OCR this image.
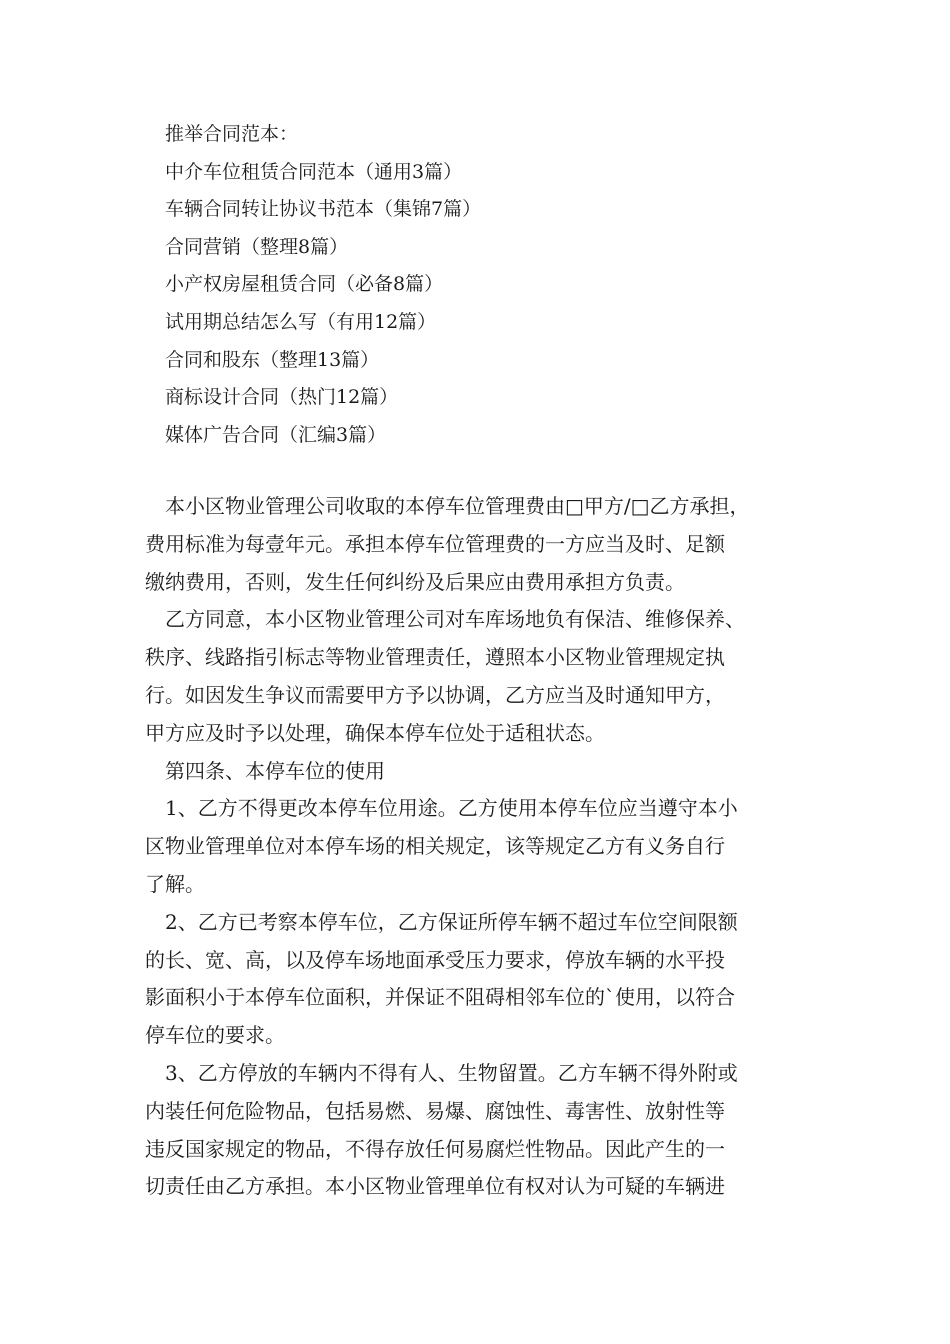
推举合同范本：
中介车位租赁合同范本（通用3篇）
车辆合同转让协议书范本（集锦7篇）
合同营销（整理8篇）
小产权房屋租赁合同（必备8篇）
试用期总结怎么写（有用12篇）
合同和股东（整理13篇）
商标设计合同（热门12篇）
媒体广告合同（汇编3篇）
　本小区物业管理公司收取的本停车位管理费由□甲方/□乙方承担，
费用标准为每壹年元。承担本停车位管理费的一方应当及时、足额
缴纳费用，否则，发生任何纠纷及后果应由费用承担方负责。
　乙方同意，本小区物业管理公司对车库场地负有保洁、维修保养、
秩序、线路指引标志等物业管理责任，遵照本小区物业管理规定执
行。如因发生争议而需要甲方予以协调，乙方应当及时通知甲方，
甲方应及时予以处理，确保本停车位处于适租状态。
　第四条、本停车位的使用
　1、乙方不得更改本停车位用途。乙方使用本停车位应当遵守本小
区物业管理单位对本停车场的相关规定，该等规定乙方有义务自行
了解。
　2、乙方已考察本停车位，乙方保证所停车辆不超过车位空间限额
的长、宽、高，以及停车场地面承受压力要求，停放车辆的水平投
影面积小于本停车位面积，并保证不阻碍相邻车位的`使用，以符合
停车位的要求。
　3、乙方停放的车辆内不得有人、生物留置。乙方车辆不得外附或
内装任何危险物品，包括易燃、易爆、腐蚀性、毒害性、放射性等
违反国家规定的物品，不得存放任何易腐烂性物品。因此产生的一
切责任由乙方承担。本小区物业管理单位有权对认为可疑的车辆进
